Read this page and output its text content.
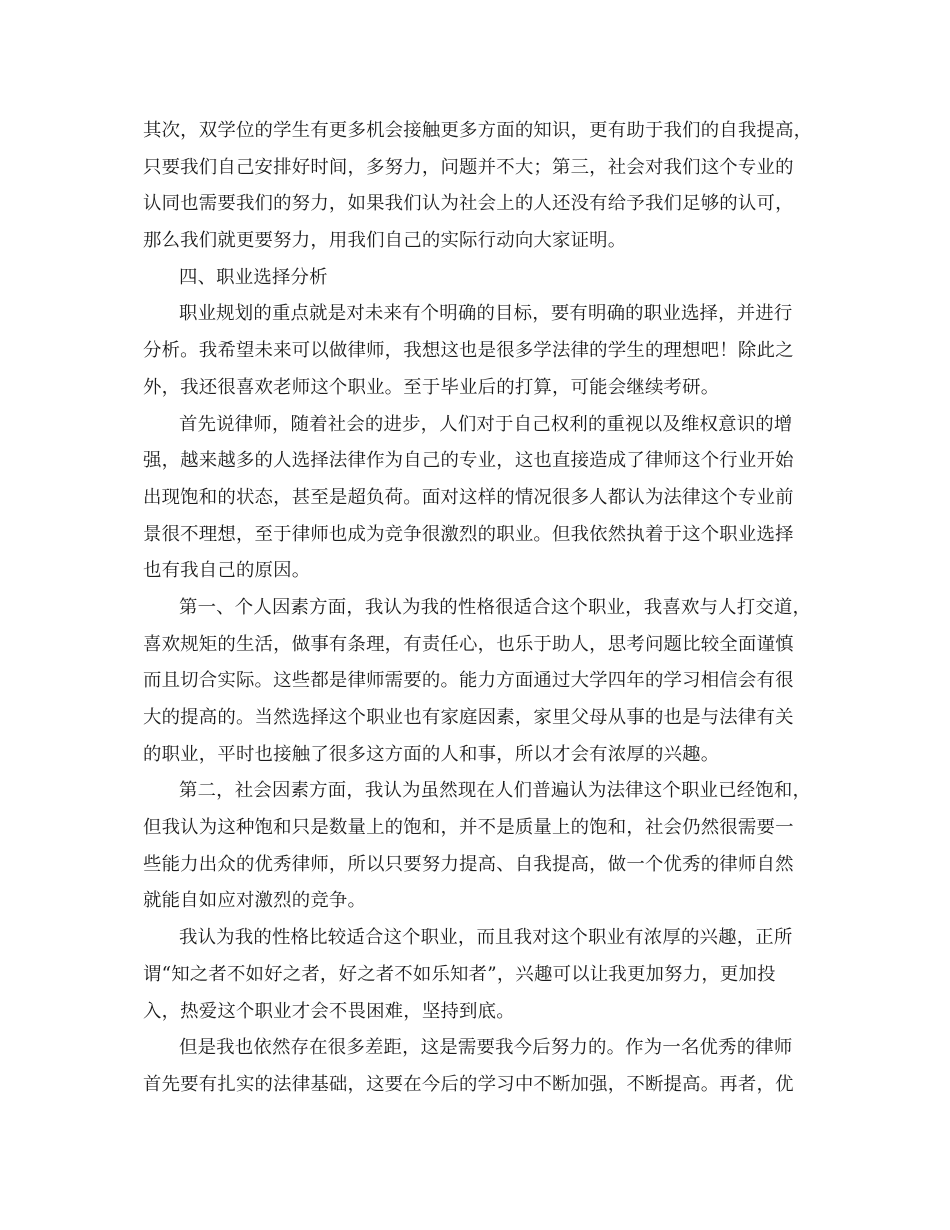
其次，双学位的学生有更多机会接触更多方面的知识，更有助于我们的自我提高，
只要我们自己安排好时间，多努力，问题并不大；第三，社会对我们这个专业的
认同也需要我们的努力，如果我们认为社会上的人还没有给予我们足够的认可，
那么我们就更要努力，用我们自己的实际行动向大家证明。
四、职业选择分析
职业规划的重点就是对未来有个明确的目标，要有明确的职业选择，并进行
分析。我希望未来可以做律师，我想这也是很多学法律的学生的理想吧！除此之
外，我还很喜欢老师这个职业。至于毕业后的打算，可能会继续考研。
首先说律师，随着社会的进步，人们对于自己权利的重视以及维权意识的增
强，越来越多的人选择法律作为自己的专业，这也直接造成了律师这个行业开始
出现饱和的状态，甚至是超负荷。面对这样的情况很多人都认为法律这个专业前
景很不理想，至于律师也成为竞争很激烈的职业。但我依然执着于这个职业选择
也有我自己的原因。
第一、个人因素方面，我认为我的性格很适合这个职业，我喜欢与人打交道，
喜欢规矩的生活，做事有条理，有责任心，也乐于助人，思考问题比较全面谨慎
而且切合实际。这些都是律师需要的。能力方面通过大学四年的学习相信会有很
大的提高的。当然选择这个职业也有家庭因素，家里父母从事的也是与法律有关
的职业，平时也接触了很多这方面的人和事，所以才会有浓厚的兴趣。
第二，社会因素方面，我认为虽然现在人们普遍认为法律这个职业已经饱和，
但我认为这种饱和只是数量上的饱和，并不是质量上的饱和，社会仍然很需要一
些能力出众的优秀律师，所以只要努力提高、自我提高，做一个优秀的律师自然
就能自如应对激烈的竞争。
我认为我的性格比较适合这个职业，而且我对这个职业有浓厚的兴趣，正所
谓“知之者不如好之者，好之者不如乐知者”，兴趣可以让我更加努力，更加投
入，热爱这个职业才会不畏困难，坚持到底。
但是我也依然存在很多差距，这是需要我今后努力的。作为一名优秀的律师
首先要有扎实的法律基础，这要在今后的学习中不断加强，不断提高。再者，优
